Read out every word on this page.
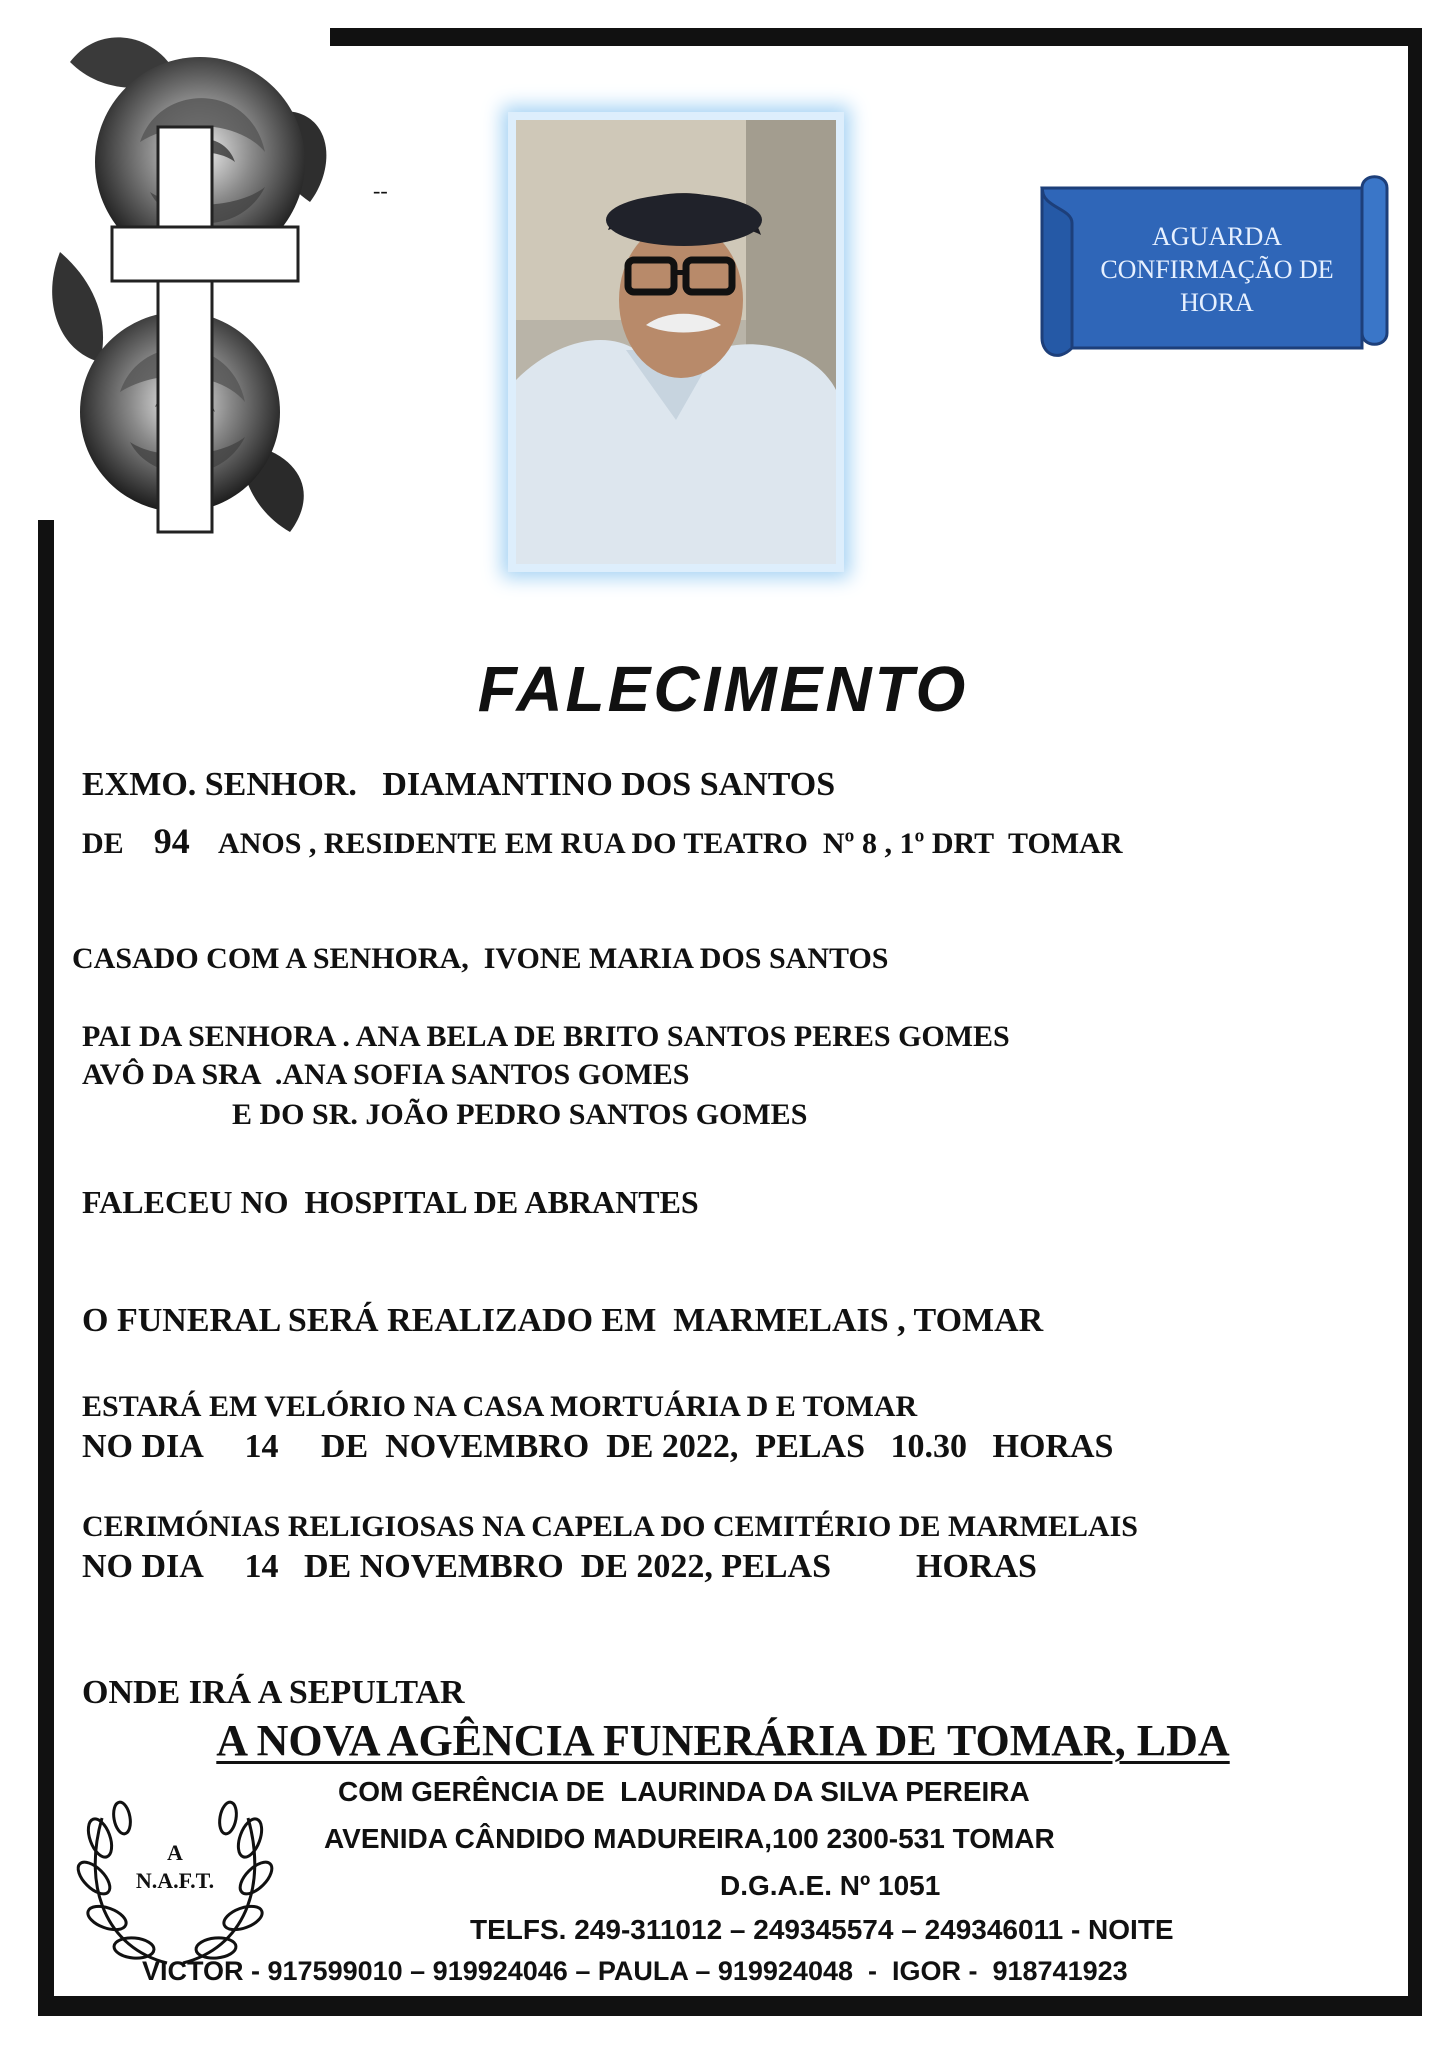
--
AGUARDA
CONFIRMAÇÃO DE
HORA
FALECIMENTO
EXMO. SENHOR.   DIAMANTINO DOS SANTOS
DE 94 ANOS , RESIDENTE EM RUA DO TEATRO  Nº 8 , 1º DRT  TOMAR
CASADO COM A SENHORA,  IVONE MARIA DOS SANTOS
PAI DA SENHORA . ANA BELA DE BRITO SANTOS PERES GOMES
AVÔ DA SRA  .ANA SOFIA SANTOS GOMES
E DO SR. JOÃO PEDRO SANTOS GOMES
FALECEU NO  HOSPITAL DE ABRANTES
O FUNERAL SERÁ REALIZADO EM  MARMELAIS , TOMAR
ESTARÁ EM VELÓRIO NA CASA MORTUÁRIA D E TOMAR
NO DIA     14     DE  NOVEMBRO  DE 2022,  PELAS   10.30   HORAS
CERIMÓNIAS RELIGIOSAS NA CAPELA DO CEMITÉRIO DE MARMELAIS
NO DIA     14   DE NOVEMBRO  DE 2022, PELAS          HORAS
ONDE IRÁ A SEPULTAR
A NOVA AGÊNCIA FUNERÁRIA DE TOMAR, LDA
COM GERÊNCIA DE  LAURINDA DA SILVA PEREIRA
AVENIDA CÂNDIDO MADUREIRA,100 2300-531 TOMAR
D.G.A.E. Nº 1051
TELFS. 249-311012 – 249345574 – 249346011 - NOITE
VICTOR - 917599010 – 919924046 – PAULA – 919924048  -  IGOR -  918741923
A
N.A.F.T.
